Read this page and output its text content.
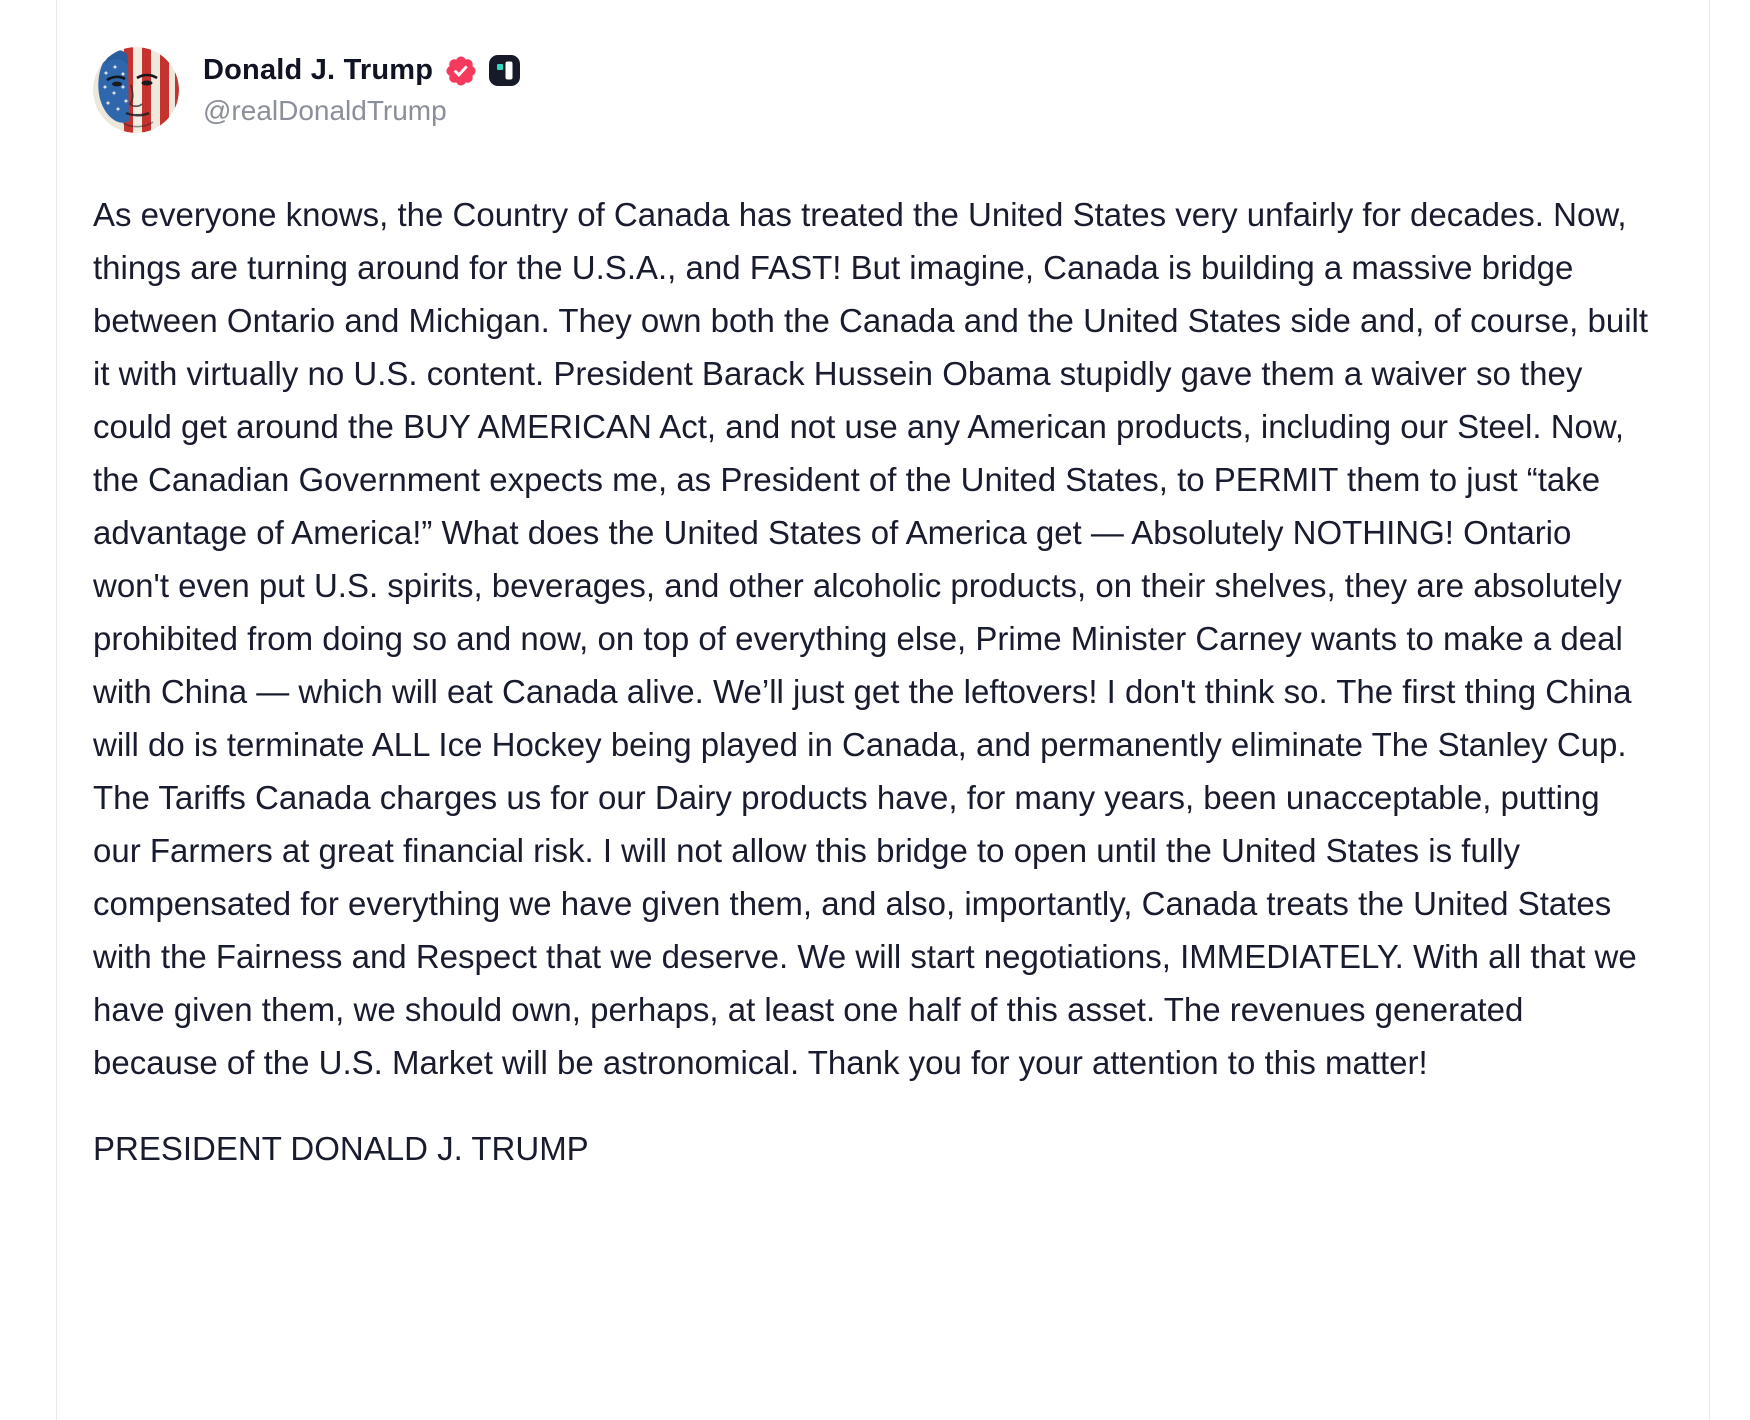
Donald J. Trump
@realDonaldTrump

As everyone knows, the Country of Canada has treated the United States very unfairly for decades. Now, things are turning around for the U.S.A., and FAST! But imagine, Canada is building a massive bridge between Ontario and Michigan. They own both the Canada and the United States side and, of course, built it with virtually no U.S. content. President Barack Hussein Obama stupidly gave them a waiver so they could get around the BUY AMERICAN Act, and not use any American products, including our Steel. Now, the Canadian Government expects me, as President of the United States, to PERMIT them to just “take advantage of America!” What does the United States of America get — Absolutely NOTHING! Ontario won't even put U.S. spirits, beverages, and other alcoholic products, on their shelves, they are absolutely prohibited from doing so and now, on top of everything else, Prime Minister Carney wants to make a deal with China — which will eat Canada alive. We’ll just get the leftovers! I don't think so. The first thing China will do is terminate ALL Ice Hockey being played in Canada, and permanently eliminate The Stanley Cup. The Tariffs Canada charges us for our Dairy products have, for many years, been unacceptable, putting our Farmers at great financial risk. I will not allow this bridge to open until the United States is fully compensated for everything we have given them, and also, importantly, Canada treats the United States with the Fairness and Respect that we deserve. We will start negotiations, IMMEDIATELY. With all that we have given them, we should own, perhaps, at least one half of this asset. The revenues generated because of the U.S. Market will be astronomical. Thank you for your attention to this matter!

PRESIDENT DONALD J. TRUMP
